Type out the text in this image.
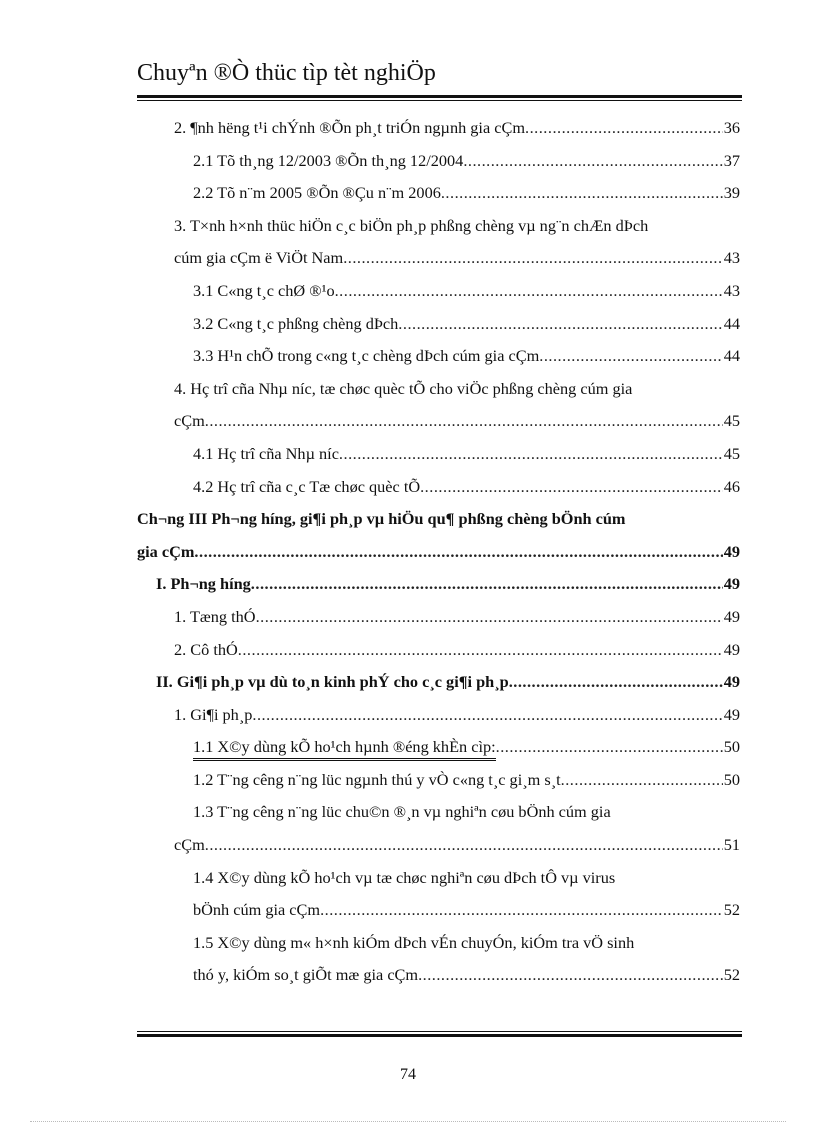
Chuyªn ®Ò thüc tìp tèt nghiÖp
2. ¶nh hëng t¹i chÝnh ®Õn ph¸t triÓn ngµnh gia cÇm .....	36
2.1 Tõ th¸ng 12/2003 ®Õn th¸ng 12/2004 .....	37
2.2 Tõ n¨m 2005 ®Õn ®Çu n¨m 2006 .....	39
3. T×nh h×nh thüc hiÖn c¸c biÖn ph¸p phßng chèng vµ ng¨n chÆn dÞch
cúm gia cÇm ë ViÖt Nam .....	43
3.1 C«ng t¸c chØ ®¹o .....	43
3.2 C«ng t¸c phßng chèng dÞch .....	44
3.3 H¹n chÕ trong c«ng t¸c chèng dÞch cúm gia cÇm .....	44
4. Hç trî cña Nhµ níc, tæ chøc quèc tÕ cho viÖc phßng chèng cúm gia
cÇm .....	45
4.1 Hç trî cña Nhµ níc .....	45
4.2 Hç trî cña c¸c Tæ chøc quèc tÕ .....	46
Ch¬ng III Ph¬ng híng, gi¶i ph¸p vµ hiÖu qu¶ phßng chèng bÖnh cúm
gia cÇm .....	49
I. Ph¬ng híng .....	49
1. Tæng thÓ .....	49
2. Cô thÓ .....	49
II. Gi¶i ph¸p vµ dù to¸n kinh phÝ cho c¸c gi¶i ph¸p .....	49
1. Gi¶i ph¸p .....	49
1.1 X©y dùng kÕ ho¹ch hµnh ®éng khÈn cìp: .....	50
1.2 T¨ng cêng n¨ng lüc ngµnh thú y vÒ c«ng t¸c gi¸m s¸t .....	50
1.3 T¨ng cêng n¨ng lüc chu©n ®¸n vµ nghiªn cøu bÖnh cúm gia
cÇm .....	51
1.4 X©y dùng kÕ ho¹ch vµ tæ chøc nghiªn cøu dÞch tÔ vµ virus
bÖnh cúm gia cÇm .....	52
1.5 X©y dùng m« h×nh kiÓm dÞch vÉn chuyÓn, kiÓm tra vÖ sinh
thó y, kiÓm so¸t giÕt mæ gia cÇm .....	52
74
